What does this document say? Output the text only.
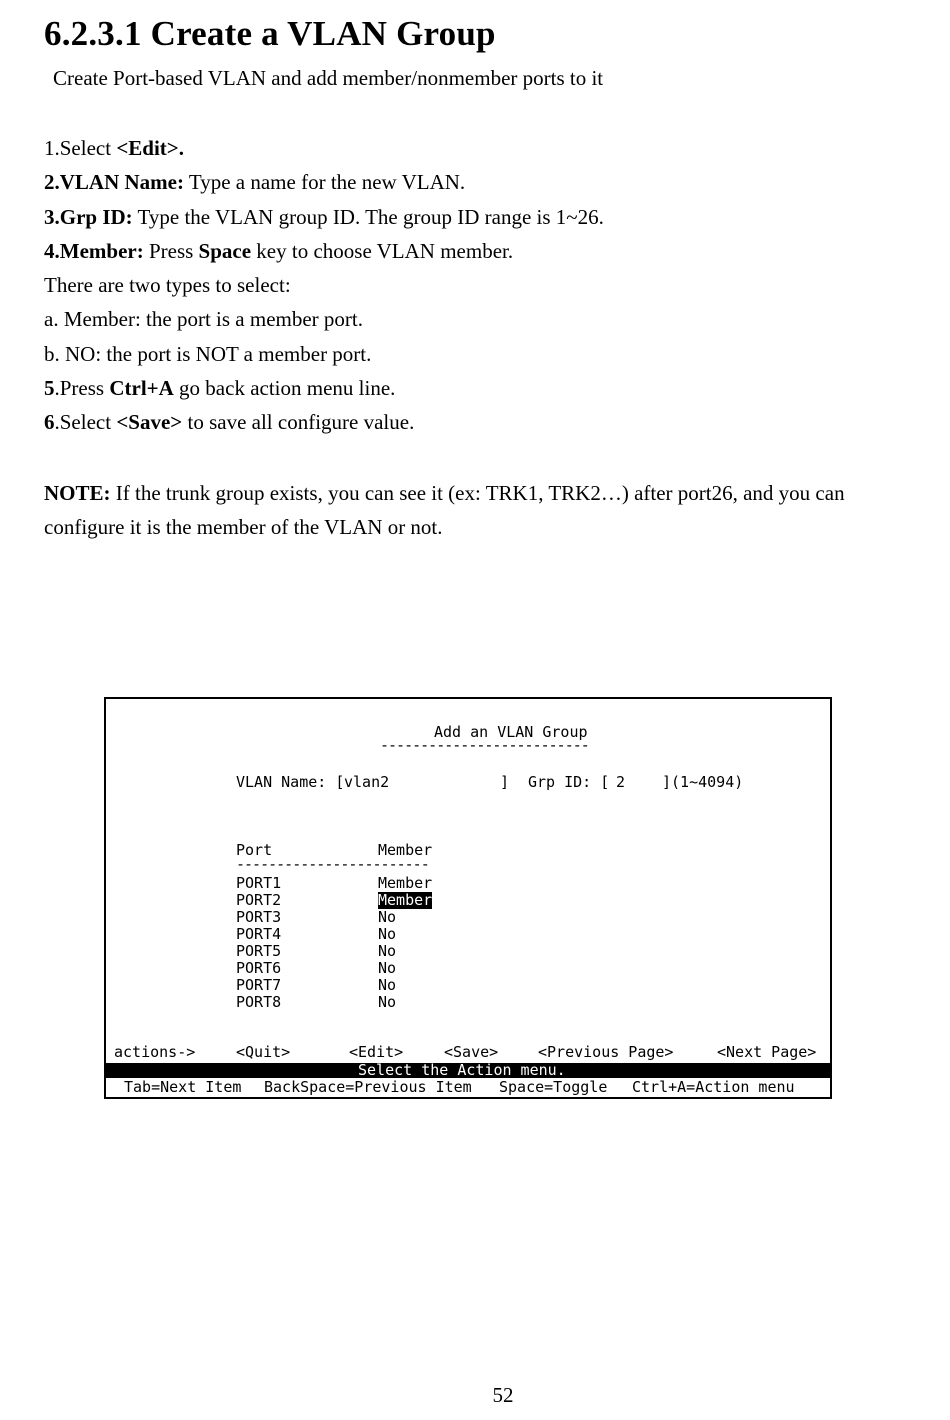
6.2.3.1 Create a VLAN Group
Create Port-based VLAN and add member/nonmember ports to it
1.Select <Edit>.
2.VLAN Name: Type a name for the new VLAN.
3.Grp ID: Type the VLAN group ID. The group ID range is 1~26.
4.Member: Press Space key to choose VLAN member.
There are two types to select:
a. Member: the port is a member port.
b. NO: the port is NOT a member port.
5.Press Ctrl+A go back action menu line.
6.Select <Save> to save all configure value.
NOTE: If the trunk group exists, you can see it (ex: TRK1, TRK2…) after port26, and you can configure it is the member of the VLAN or not.
Add an VLAN Group
--------------------------
VLAN Name: [ vlan2	] Grp ID: [ 2 ](1~4094)
Port	Member
------------------------
PORT1	Member
PORT2	Member
PORT3	No
PORT4	No
PORT5	No
PORT6	No
PORT7	No
PORT8	No
actions->	<Quit>	<Edit>	<Save>	<Previous Page>	<Next Page>
Select the Action menu.
Tab=Next Item BackSpace=Previous Item Space=Toggle Ctrl+A=Action menu
52
